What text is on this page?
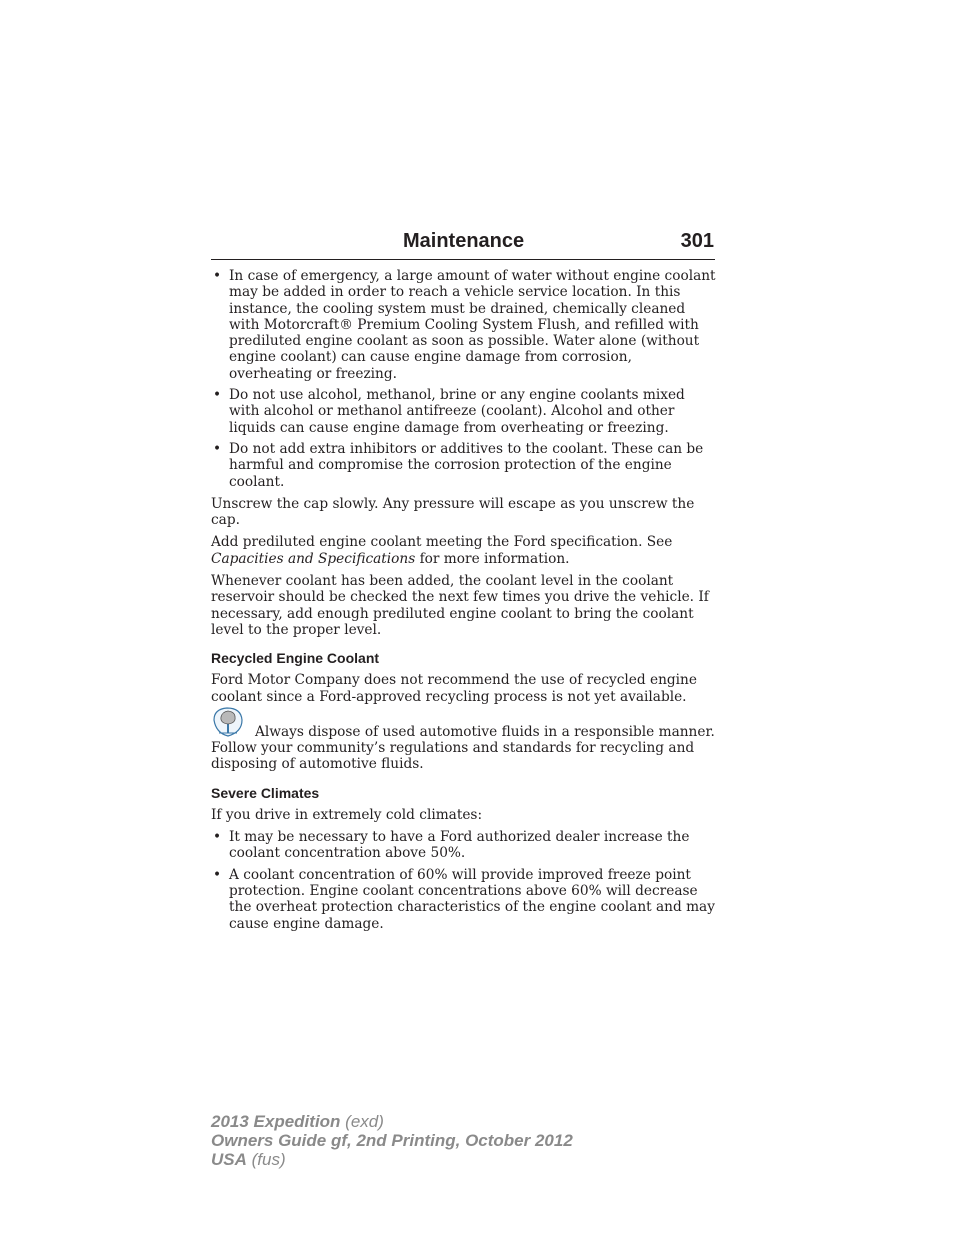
Maintenance	301
• In case of emergency, a large amount of water without engine coolant may be added in order to reach a vehicle service location. In this instance, the cooling system must be drained, chemically cleaned with Motorcraft® Premium Cooling System Flush, and refilled with prediluted engine coolant as soon as possible. Water alone (without engine coolant) can cause engine damage from corrosion, overheating or freezing.
• Do not use alcohol, methanol, brine or any engine coolants mixed with alcohol or methanol antifreeze (coolant). Alcohol and other liquids can cause engine damage from overheating or freezing.
• Do not add extra inhibitors or additives to the coolant. These can be harmful and compromise the corrosion protection of the engine coolant.

Unscrew the cap slowly. Any pressure will escape as you unscrew the cap.

Add prediluted engine coolant meeting the Ford specification. See Capacities and Specifications for more information.

Whenever coolant has been added, the coolant level in the coolant reservoir should be checked the next few times you drive the vehicle. If necessary, add enough prediluted engine coolant to bring the coolant level to the proper level.

Recycled Engine Coolant

Ford Motor Company does not recommend the use of recycled engine coolant since a Ford-approved recycling process is not yet available.

Always dispose of used automotive fluids in a responsible manner.
Follow your community’s regulations and standards for recycling and disposing of automotive fluids.

Severe Climates

If you drive in extremely cold climates:

• It may be necessary to have a Ford authorized dealer increase the coolant concentration above 50%.
• A coolant concentration of 60% will provide improved freeze point protection. Engine coolant concentrations above 60% will decrease the overheat protection characteristics of the engine coolant and may cause engine damage.
2013 Expedition (exd)
Owners Guide gf, 2nd Printing, October 2012
USA (fus)
